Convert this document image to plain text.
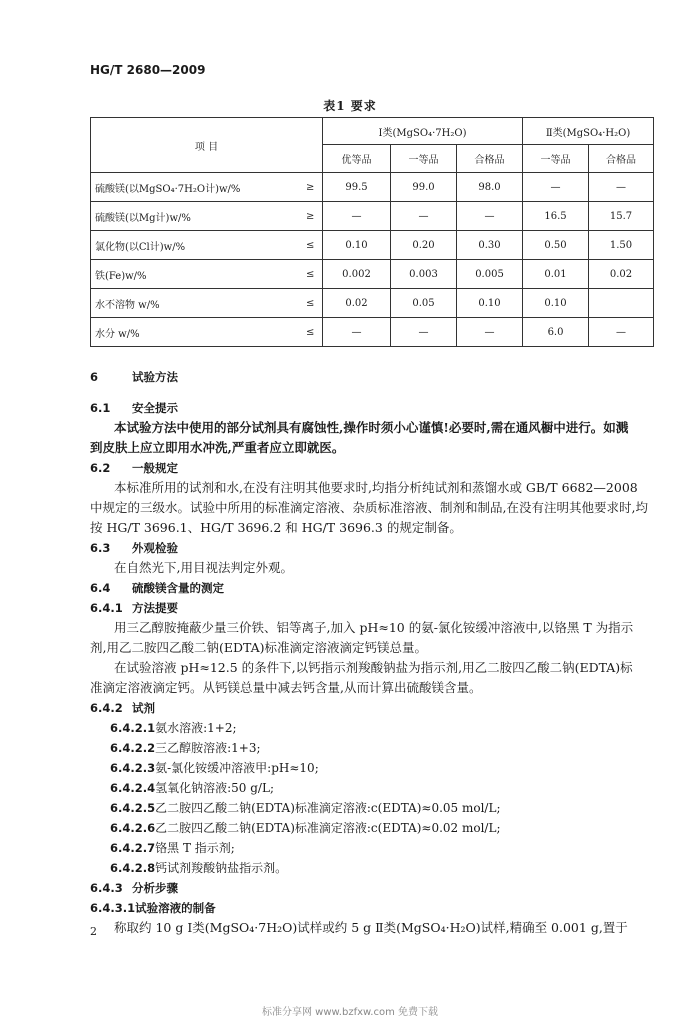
HG/T 2680—2009
表1 要求
项 目		Ⅰ类(MgSO₄·7H₂O)			Ⅱ类(MgSO₄·H₂O)	
		优等品	一等品	合格品	一等品	合格品
硫酸镁(以MgSO₄·7H₂O计)w/%	≥	99.5	99.0	98.0	—	—
硫酸镁(以Mg计)w/%	≥	—	—	—	16.5	15.7
氯化物(以Cl计)w/%	≤	0.10	0.20	0.30	0.50	1.50
铁(Fe)w/%	≤	0.002	0.003	0.005	0.01	0.02
水不溶物 w/%	≤	0.02	0.05	0.10	0.10	
水分 w/%	≤	—	—	—	6.0	—
6	试验方法
6.1 安全提示
本试验方法中使用的部分试剂具有腐蚀性,操作时须小心谨慎!必要时,需在通风橱中进行。如溅
到皮肤上应立即用水冲洗,严重者应立即就医。
6.2 一般规定
本标准所用的试剂和水,在没有注明其他要求时,均指分析纯试剂和蒸馏水或 GB/T 6682—2008
中规定的三级水。试验中所用的标准滴定溶液、杂质标准溶液、制剂和制品,在没有注明其他要求时,均
按 HG/T 3696.1、HG/T 3696.2 和 HG/T 3696.3 的规定制备。
6.3 外观检验
在自然光下,用目视法判定外观。
6.4 硫酸镁含量的测定
6.4.1 方法提要
用三乙醇胺掩蔽少量三价铁、铝等离子,加入 pH≈10 的氨-氯化铵缓冲溶液中,以铬黑 T 为指示
剂,用乙二胺四乙酸二钠(EDTA)标准滴定溶液滴定钙镁总量。
在试验溶液 pH≈12.5 的条件下,以钙指示剂羧酸钠盐为指示剂,用乙二胺四乙酸二钠(EDTA)标
准滴定溶液滴定钙。从钙镁总量中减去钙含量,从而计算出硫酸镁含量。
6.4.2 试剂
6.4.2.1氨水溶液:1+2;
6.4.2.2三乙醇胺溶液:1+3;
6.4.2.3氨-氯化铵缓冲溶液甲:pH≈10;
6.4.2.4氢氧化钠溶液:50 g/L;
6.4.2.5乙二胺四乙酸二钠(EDTA)标准滴定溶液:c(EDTA)≈0.05 mol/L;
6.4.2.6乙二胺四乙酸二钠(EDTA)标准滴定溶液:c(EDTA)≈0.02 mol/L;
6.4.2.7铬黑 T 指示剂;
6.4.2.8钙试剂羧酸钠盐指示剂。
6.4.3 分析步骤
6.4.3.1试验溶液的制备
称取约 10 g Ⅰ类(MgSO₄·7H₂O)试样或约 5 g Ⅱ类(MgSO₄·H₂O)试样,精确至 0.001 g,置于
2
标准分享网 www.bzfxw.com 免费下载
